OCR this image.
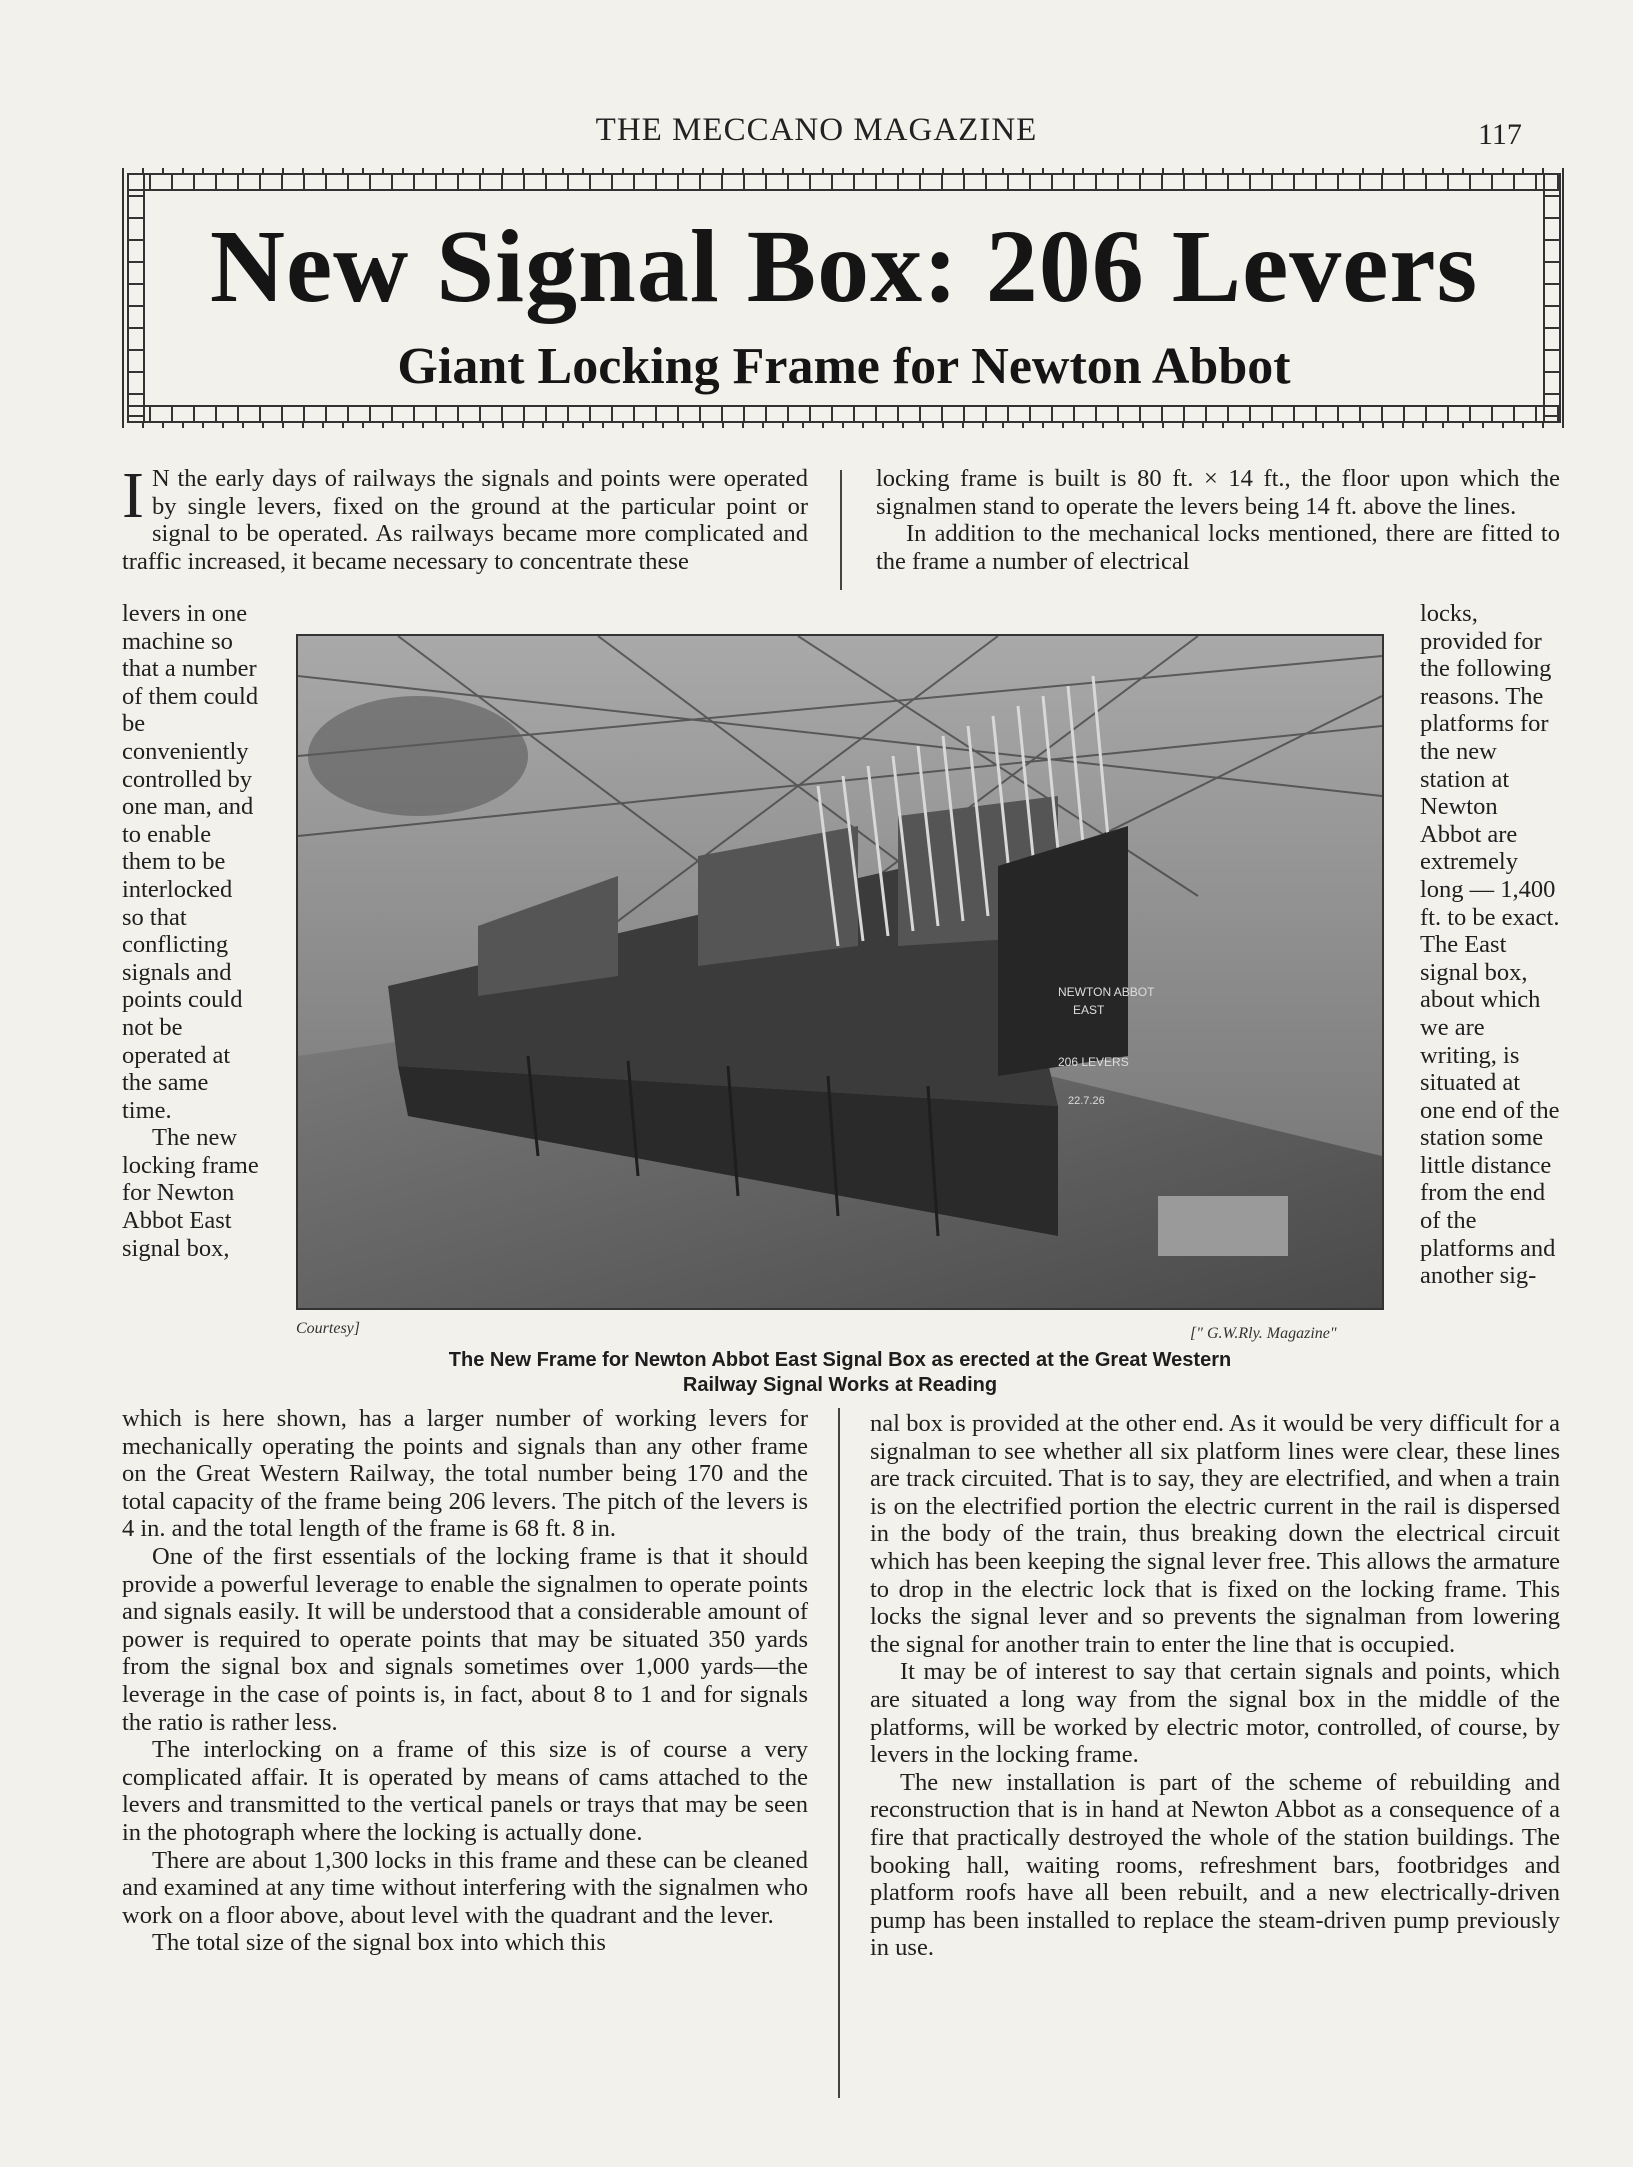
THE MECCANO MAGAZINE	117
New Signal Box: 206 Levers
Giant Locking Frame for Newton Abbot

I N the early days of railways the signals and points were operated by single levers, fixed on the ground at the particular point or signal to be operated. As railways became more complicated and traffic increased, it became necessary to concentrate these

locking frame is built is 80 ft. × 14 ft., the floor upon which the signalmen stand to operate the levers being 14 ft. above the lines.

In addition to the mechanical locks mentioned, there are fitted to the frame a number of electrical

levers in one machine so that a number of them could be conveniently controlled by one man, and to enable them to be interlocked so that conflicting signals and points could not be operated at the same time.

The new locking frame for Newton Abbot East signal box,

locks, provided for the following reasons. The platforms for the new station at Newton Abbot are extremely long — 1,400 ft. to be exact. The East signal box, about which we are writing, is situated at one end of the station some little distance from the end of the platforms and another sig-

NEWTON ABBOT
EAST
206 LEVERS
22.7.26
Courtesy]	[" G.W.Rly. Magazine"
The New Frame for Newton Abbot East Signal Box as erected at the Great Western
Railway Signal Works at Reading

which is here shown, has a larger number of working levers for mechanically operating the points and signals than any other frame on the Great Western Railway, the total number being 170 and the total capacity of the frame being 206 levers. The pitch of the levers is 4 in. and the total length of the frame is 68 ft. 8 in.

One of the first essentials of the locking frame is that it should provide a powerful leverage to enable the signalmen to operate points and signals easily. It will be understood that a considerable amount of power is required to operate points that may be situated 350 yards from the signal box and signals sometimes over 1,000 yards—the leverage in the case of points is, in fact, about 8 to 1 and for signals the ratio is rather less.

The interlocking on a frame of this size is of course a very complicated affair. It is operated by means of cams attached to the levers and transmitted to the vertical panels or trays that may be seen in the photograph where the locking is actually done.

There are about 1,300 locks in this frame and these can be cleaned and examined at any time without interfering with the signalmen who work on a floor above, about level with the quadrant and the lever.

The total size of the signal box into which this

nal box is provided at the other end. As it would be very difficult for a signalman to see whether all six platform lines were clear, these lines are track circuited. That is to say, they are electrified, and when a train is on the electrified portion the electric current in the rail is dispersed in the body of the train, thus breaking down the electrical circuit which has been keeping the signal lever free. This allows the armature to drop in the electric lock that is fixed on the locking frame. This locks the signal lever and so prevents the signalman from lowering the signal for another train to enter the line that is occupied.

It may be of interest to say that certain signals and points, which are situated a long way from the signal box in the middle of the platforms, will be worked by electric motor, controlled, of course, by levers in the locking frame.

The new installation is part of the scheme of rebuilding and reconstruction that is in hand at Newton Abbot as a consequence of a fire that practically destroyed the whole of the station buildings. The booking hall, waiting rooms, refreshment bars, footbridges and platform roofs have all been rebuilt, and a new electrically-driven pump has been installed to replace the steam-driven pump previously in use.
